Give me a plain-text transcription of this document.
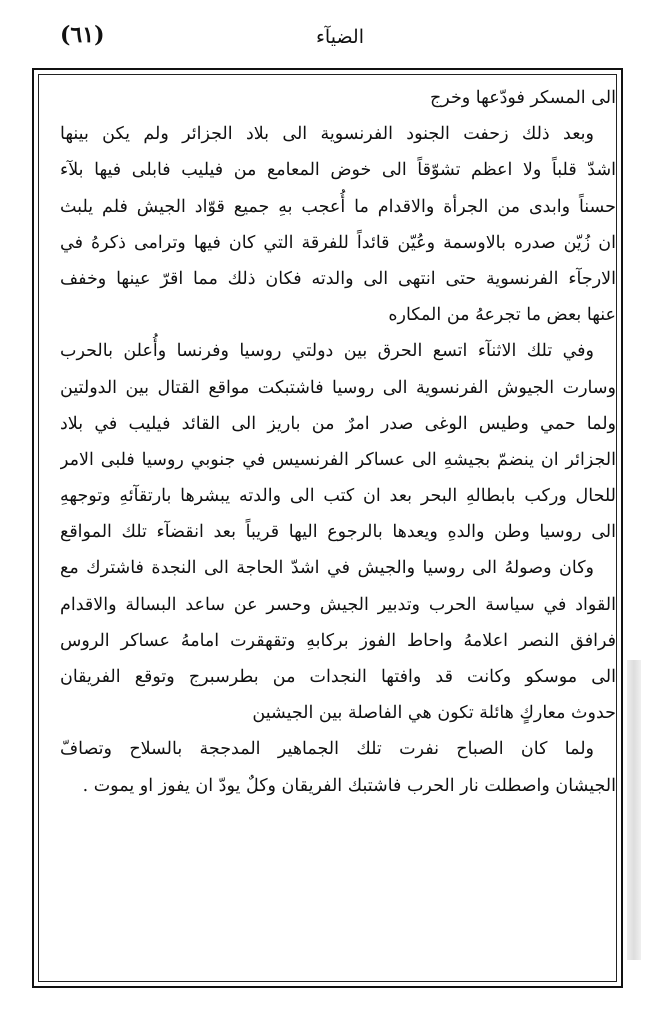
(٦١)	الضيآء
الى المسكر فودّعها وخرج
وبعد ذلك زحفت الجنود الفرنسوية الى بلاد الجزائر ولم يكن بينها
اشدّ قلباً ولا اعظم تشوّقاً الى خوض المعامع من فيليب فابلى فيها بلآء
حسناً وابدى من الجرأة والاقدام ما أُعجب بهِ جميع قوّاد الجيش فلم يلبث
ان زُيّن صدره بالاوسمة وعُيّن قائداً للفرقة التي كان فيها وترامى ذكرهُ في
الارجآء الفرنسوية حتى انتهى الى والدته فكان ذلك مما اقرّ عينها وخفف
عنها بعض ما تجرعهُ من المكاره
وفي تلك الاثنآء اتسع الحرق بين دولتي روسيا وفرنسا وأُعلن بالحرب
وسارت الجيوش الفرنسوية الى روسيا فاشتبكت مواقع القتال بين الدولتين
ولما حمي وطيس الوغى صدر امرٌ من باريز الى القائد فيليب في بلاد
الجزائر ان ينضمّ بجيشهِ الى عساكر الفرنسيس في جنوبي روسيا فلبى الامر
للحال وركب بابطالهِ البحر بعد ان كتب الى والدته يبشرها بارتقآئهِ وتوجههِ
الى روسيا وطن والدهِ ويعدها بالرجوع اليها قريباً بعد انقضآء تلك المواقع
وكان وصولهُ الى روسيا والجيش في اشدّ الحاجة الى النجدة فاشترك مع
القواد في سياسة الحرب وتدبير الجيش وحسر عن ساعد البسالة والاقدام
فرافق النصر اعلامهُ واحاط الفوز بركابهِ وتقهقرت امامهُ عساكر الروس
الى موسكو وكانت قد وافتها النجدات من بطرسبرج وتوقع الفريقان
حدوث معاركٍ هائلة تكون هي الفاصلة بين الجيشين
ولما كان الصباح نفرت تلك الجماهير المدججة بالسلاح وتصافّ
الجيشان واصطلت نار الحرب فاشتبك الفريقان وكلٌ يودّ ان يفوز او يموت .
